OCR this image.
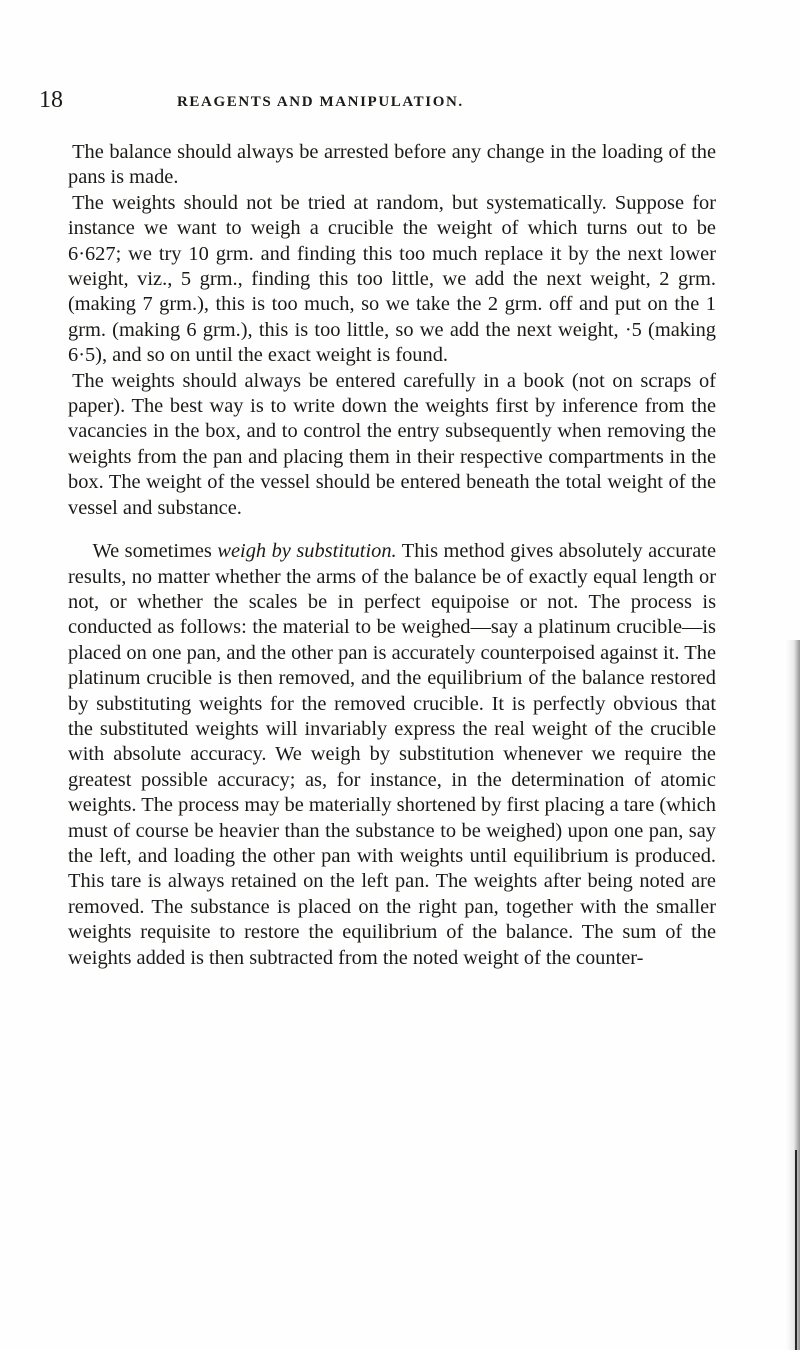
18	REAGENTS AND MANIPULATION.

The balance should always be arrested before any change in the loading of the pans is made.

The weights should not be tried at random, but systematically. Suppose for instance we want to weigh a crucible the weight of which turns out to be 6·627; we try 10 grm. and finding this too much replace it by the next lower weight, viz., 5 grm., finding this too little, we add the next weight, 2 grm. (making 7 grm.), this is too much, so we take the 2 grm. off and put on the 1 grm. (making 6 grm.), this is too little, so we add the next weight, ·5 (making 6·5), and so on until the exact weight is found.

The weights should always be entered carefully in a book (not on scraps of paper). The best way is to write down the weights first by inference from the vacancies in the box, and to control the entry subsequently when removing the weights from the pan and placing them in their respective compartments in the box. The weight of the vessel should be entered beneath the total weight of the vessel and substance.

We sometimes weigh by substitution. This method gives absolutely accurate results, no matter whether the arms of the balance be of exactly equal length or not, or whether the scales be in perfect equipoise or not. The process is conducted as follows: the material to be weighed—say a platinum crucible—is placed on one pan, and the other pan is accurately counterpoised against it. The platinum crucible is then removed, and the equilibrium of the balance restored by substituting weights for the removed crucible. It is perfectly obvious that the substituted weights will invariably express the real weight of the crucible with absolute accuracy. We weigh by substitution whenever we require the greatest possible accuracy; as, for instance, in the determination of atomic weights. The process may be materially shortened by first placing a tare (which must of course be heavier than the substance to be weighed) upon one pan, say the left, and loading the other pan with weights until equilibrium is produced. This tare is always retained on the left pan. The weights after being noted are removed. The substance is placed on the right pan, together with the smaller weights requisite to restore the equilibrium of the balance. The sum of the weights added is then subtracted from the noted weight of the counter-
